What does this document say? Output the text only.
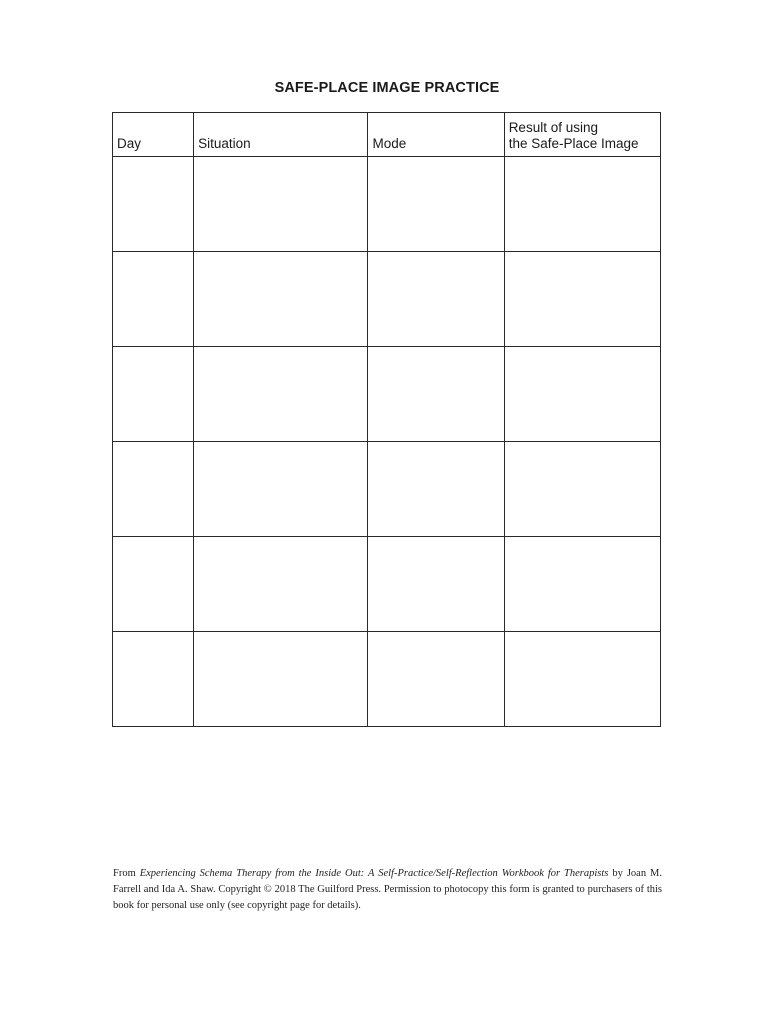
SAFE-PLACE IMAGE PRACTICE
Day	Situation	Mode	Result of using
the Safe-Place Image

From Experiencing Schema Therapy from the Inside Out: A Self-Practice/Self-Reflection Workbook for Therapists by Joan M. Farrell and Ida A. Shaw. Copyright © 2018 The Guilford Press. Permission to photocopy this form is granted to purchasers of this book for personal use only (see copyright page for details).
